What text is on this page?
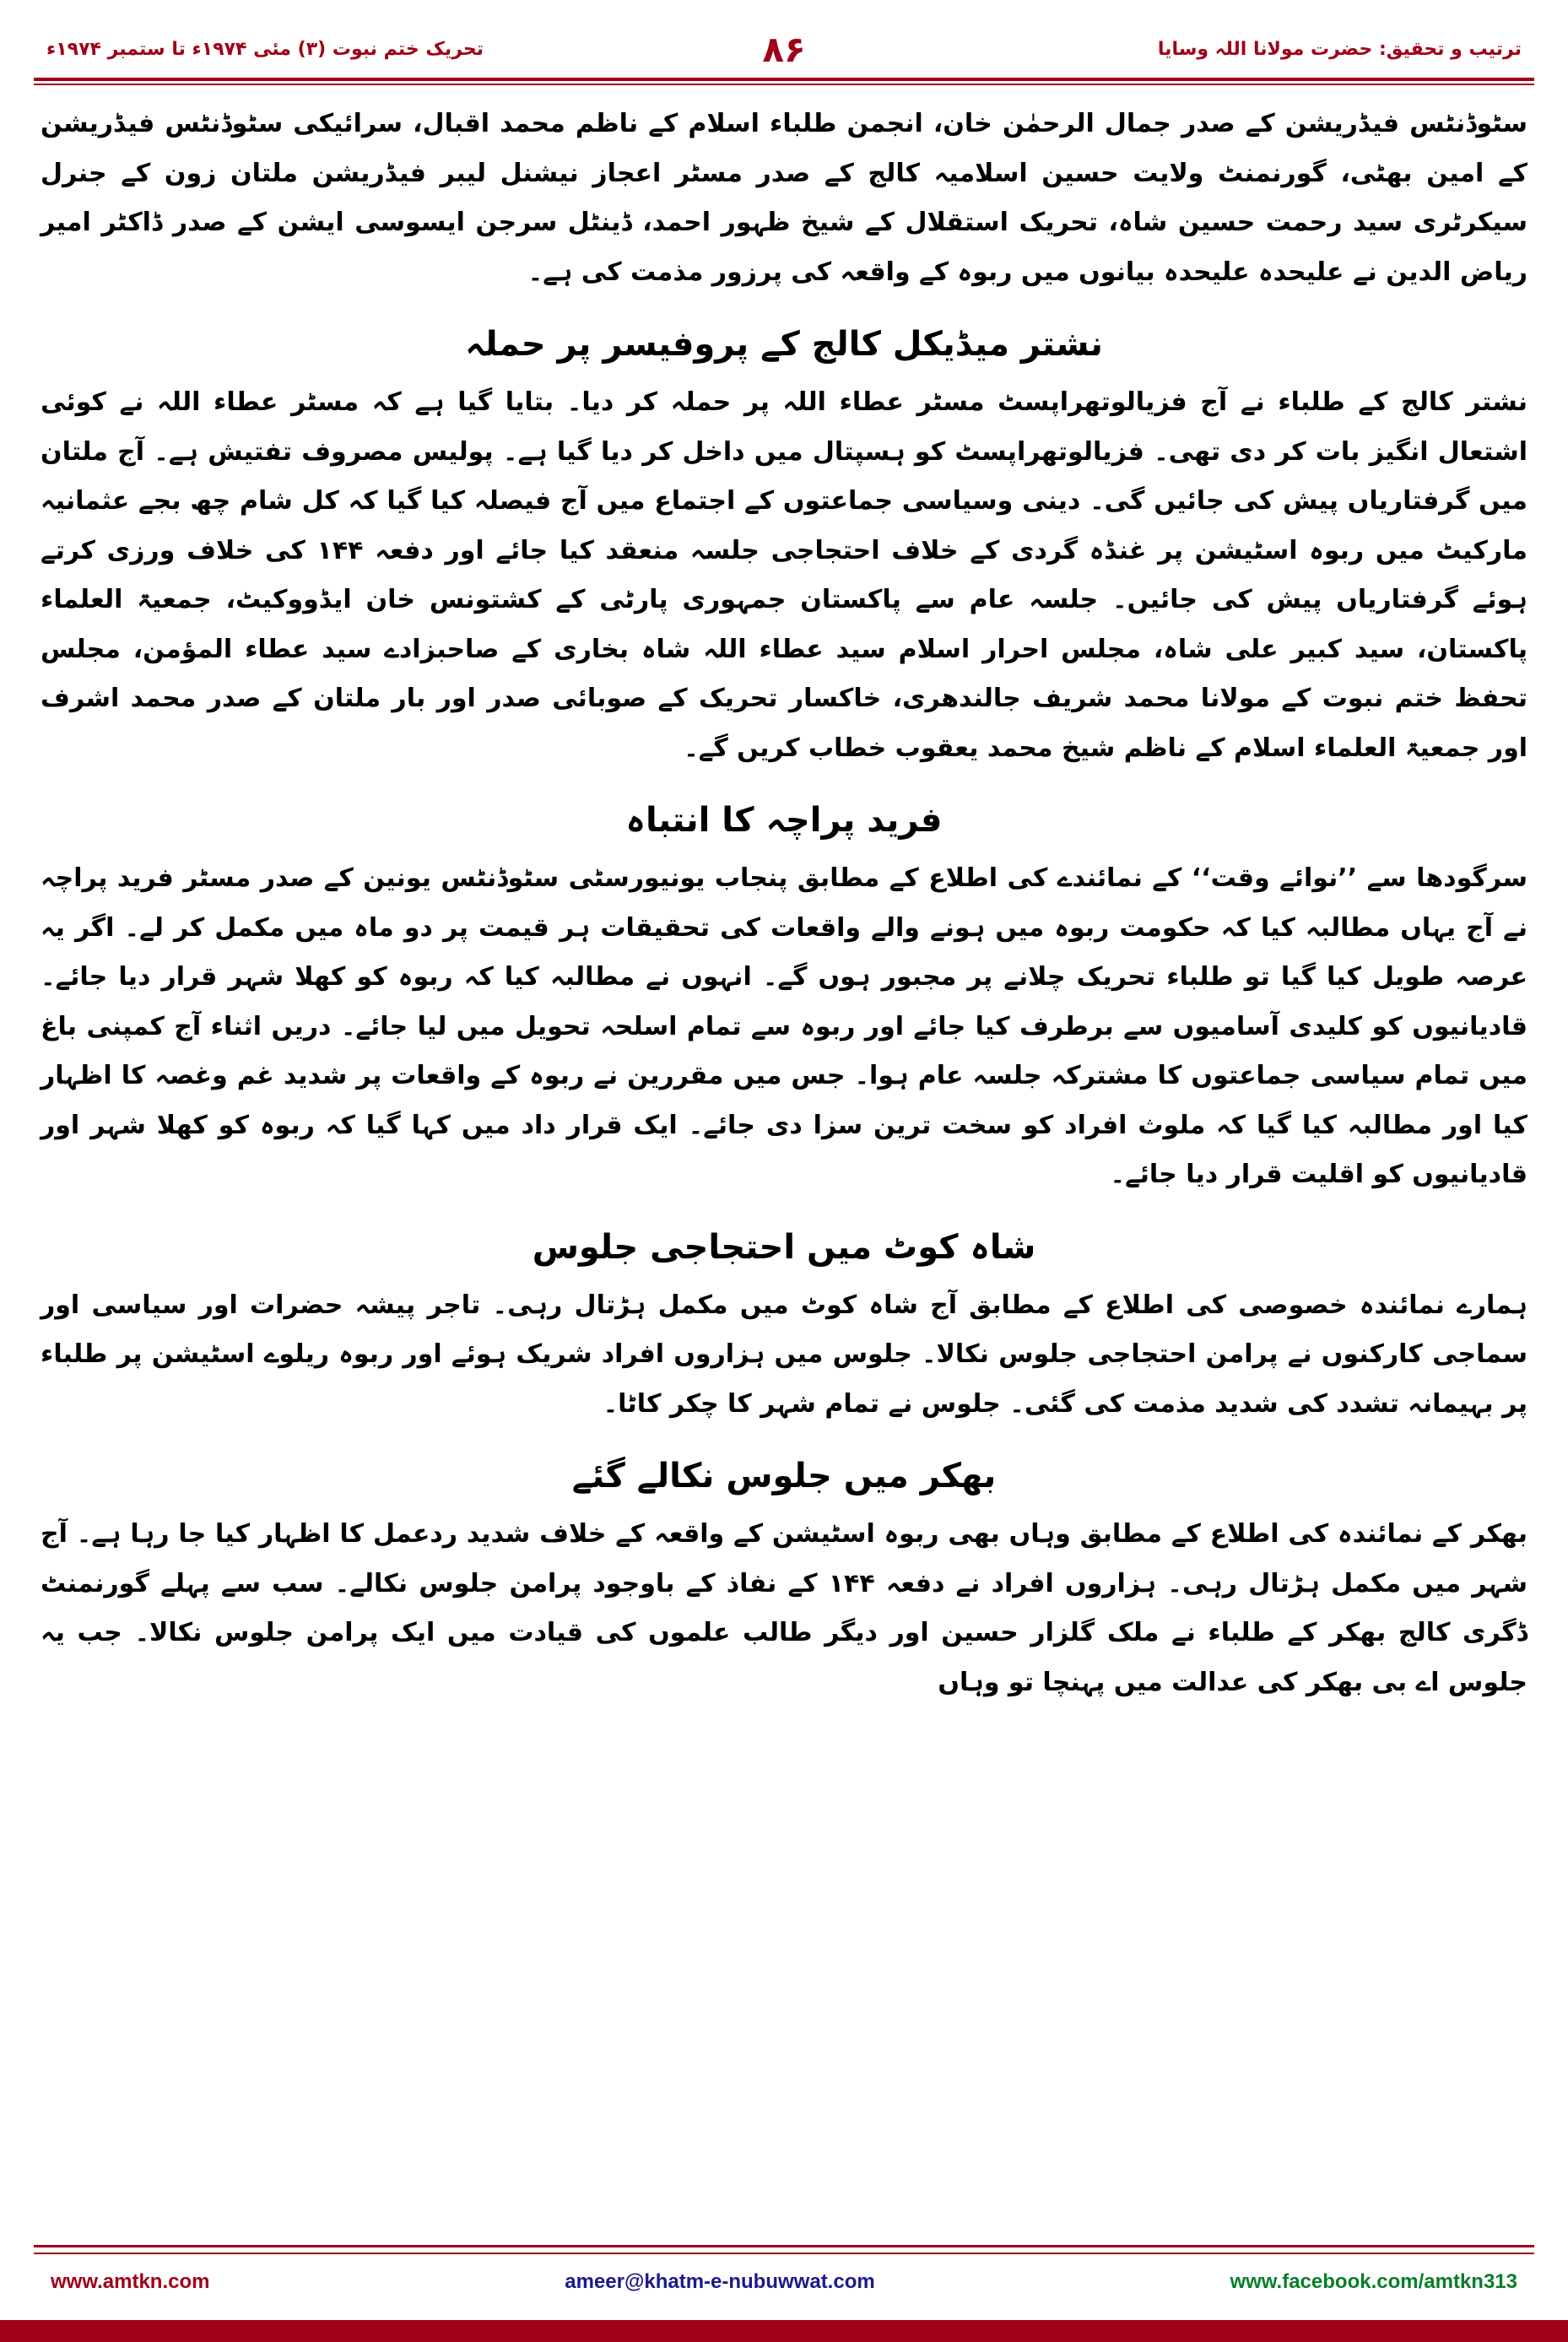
تحریک ختم نبوت (۳) مئی ۱۹۷۴ء تا ستمبر ۱۹۷۴ء	۸۶	ترتیب و تحقیق: حضرت مولانا اللہ وسایا

سٹوڈنٹس فیڈریشن کے صدر جمال الرحمٰن خان، انجمن طلباء اسلام کے ناظم محمد اقبال، سرائیکی سٹوڈنٹس فیڈریشن کے امین بھٹی، گورنمنٹ ولایت حسین اسلامیہ کالج کے صدر مسٹر اعجاز نیشنل لیبر فیڈریشن ملتان زون کے جنرل سیکرٹری سید رحمت حسین شاہ، تحریک استقلال کے شیخ ظہور احمد، ڈینٹل سرجن ایسوسی ایشن کے صدر ڈاکٹر امیر ریاض الدین نے علیحدہ علیحدہ بیانوں میں ربوہ کے واقعہ کی پرزور مذمت کی ہے۔

نشتر میڈیکل کالج کے پروفیسر پر حملہ

نشتر کالج کے طلباء نے آج فزیالوتھراپسٹ مسٹر عطاء اللہ پر حملہ کر دیا۔ بتایا گیا ہے کہ مسٹر عطاء اللہ نے کوئی اشتعال انگیز بات کر دی تھی۔ فزیالوتھراپسٹ کو ہسپتال میں داخل کر دیا گیا ہے۔ پولیس مصروف تفتیش ہے۔ آج ملتان میں گرفتاریاں پیش کی جائیں گی۔ دینی وسیاسی جماعتوں کے اجتماع میں آج فیصلہ کیا گیا کہ کل شام چھ بجے عثمانیہ مارکیٹ میں ربوہ اسٹیشن پر غنڈہ گردی کے خلاف احتجاجی جلسہ منعقد کیا جائے اور دفعہ ۱۴۴ کی خلاف ورزی کرتے ہوئے گرفتاریاں پیش کی جائیں۔ جلسہ عام سے پاکستان جمہوری پارٹی کے کشتونس خان ایڈووکیٹ، جمعیۃ العلماء پاکستان، سید کبیر علی شاہ، مجلس احرار اسلام سید عطاء اللہ شاہ بخاری کے صاحبزادے سید عطاء المؤمن، مجلس تحفظ ختم نبوت کے مولانا محمد شریف جالندھری، خاکسار تحریک کے صوبائی صدر اور بار ملتان کے صدر محمد اشرف اور جمعیۃ العلماء اسلام کے ناظم شیخ محمد یعقوب خطاب کریں گے۔

فرید پراچہ کا انتباہ

سرگودھا سے ’’نوائے وقت‘‘ کے نمائندے کی اطلاع کے مطابق پنجاب یونیورسٹی سٹوڈنٹس یونین کے صدر مسٹر فرید پراچہ نے آج یہاں مطالبہ کیا کہ حکومت ربوہ میں ہونے والے واقعات کی تحقیقات ہر قیمت پر دو ماہ میں مکمل کر لے۔ اگر یہ عرصہ طویل کیا گیا تو طلباء تحریک چلانے پر مجبور ہوں گے۔ انہوں نے مطالبہ کیا کہ ربوہ کو کھلا شہر قرار دیا جائے۔ قادیانیوں کو کلیدی آسامیوں سے برطرف کیا جائے اور ربوہ سے تمام اسلحہ تحویل میں لیا جائے۔ دریں اثناء آج کمپنی باغ میں تمام سیاسی جماعتوں کا مشترکہ جلسہ عام ہوا۔ جس میں مقررین نے ربوہ کے واقعات پر شدید غم وغصہ کا اظہار کیا اور مطالبہ کیا گیا کہ ملوث افراد کو سخت ترین سزا دی جائے۔ ایک قرار داد میں کہا گیا کہ ربوہ کو کھلا شہر اور قادیانیوں کو اقلیت قرار دیا جائے۔

شاہ کوٹ میں احتجاجی جلوس

ہمارے نمائندہ خصوصی کی اطلاع کے مطابق آج شاہ کوٹ میں مکمل ہڑتال رہی۔ تاجر پیشہ حضرات اور سیاسی اور سماجی کارکنوں نے پرامن احتجاجی جلوس نکالا۔ جلوس میں ہزاروں افراد شریک ہوئے اور ربوہ ریلوے اسٹیشن پر طلباء پر بہیمانہ تشدد کی شدید مذمت کی گئی۔ جلوس نے تمام شہر کا چکر کاٹا۔

بھکر میں جلوس نکالے گئے

بھکر کے نمائندہ کی اطلاع کے مطابق وہاں بھی ربوہ اسٹیشن کے واقعہ کے خلاف شدید ردعمل کا اظہار کیا جا رہا ہے۔ آج شہر میں مکمل ہڑتال رہی۔ ہزاروں افراد نے دفعہ ۱۴۴ کے نفاذ کے باوجود پرامن جلوس نکالے۔ سب سے پہلے گورنمنٹ ڈگری کالج بھکر کے طلباء نے ملک گلزار حسین اور دیگر طالب علموں کی قیادت میں ایک پرامن جلوس نکالا۔ جب یہ جلوس اے بی بھکر کی عدالت میں پہنچا تو وہاں

www.amtkn.com	ameer@khatm-e-nubuwwat.com	www.facebook.com/amtkn313
